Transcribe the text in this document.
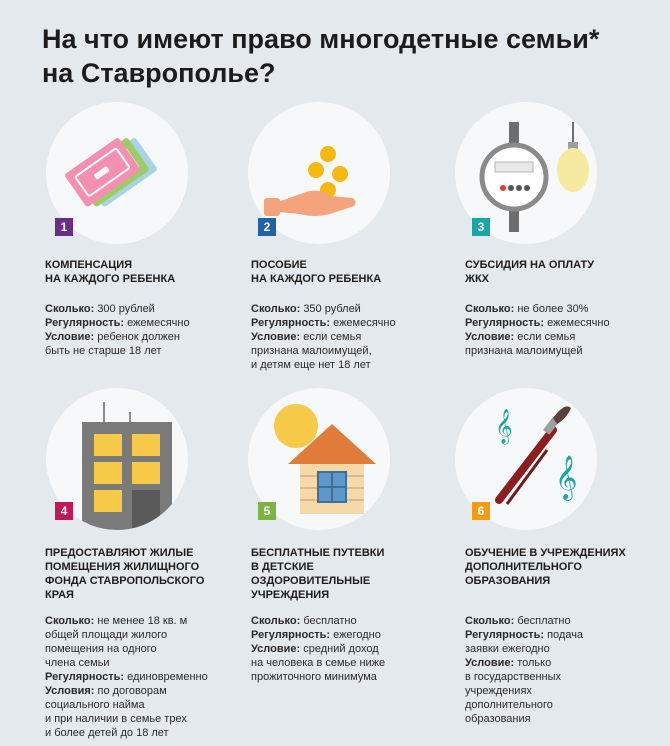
На что имеют право многодетные семьи*
на Ставрополье?
1
КОМПЕНСАЦИЯ
НА КАЖДОГО РЕБЕНКА
Сколько: 300 рублей
Регулярность: ежемесячно
Условие: ребенок должен
быть не старше 18 лет
2
ПОСОБИЕ
НА КАЖДОГО РЕБЕНКА
Сколько: 350 рублей
Регулярность: ежемесячно
Условие: если семья
признана малоимущей,
и детям еще нет 18 лет
3
СУБСИДИЯ НА ОПЛАТУ
ЖКХ
Сколько: не более 30%
Регулярность: ежемесячно
Условие: если семья
признана малоимущей
4
ПРЕДОСТАВЛЯЮТ ЖИЛЫЕ
ПОМЕЩЕНИЯ ЖИЛИЩНОГО
ФОНДА СТАВРОПОЛЬСКОГО
КРАЯ
Сколько: не менее 18 кв. м
общей площади жилого
помещения на одного
члена семьи
Регулярность: единовременно
Условия: по договорам
социального найма
и при наличии в семье трех
и более детей до 18 лет
5
БЕСПЛАТНЫЕ ПУТЕВКИ
В ДЕТСКИЕ
ОЗДОРОВИТЕЛЬНЫЕ
УЧРЕЖДЕНИЯ
Сколько: бесплатно
Регулярность: ежегодно
Условие: средний доход
на человека в семье ниже
прожиточного минимума
𝄞
𝄞
6
ОБУЧЕНИЕ В УЧРЕЖДЕНИЯХ
ДОПОЛНИТЕЛЬНОГО
ОБРАЗОВАНИЯ
Сколько: бесплатно
Регулярность: подача
заявки ежегодно
Условие: только
в государственных
учреждениях
дополнительного
образования
